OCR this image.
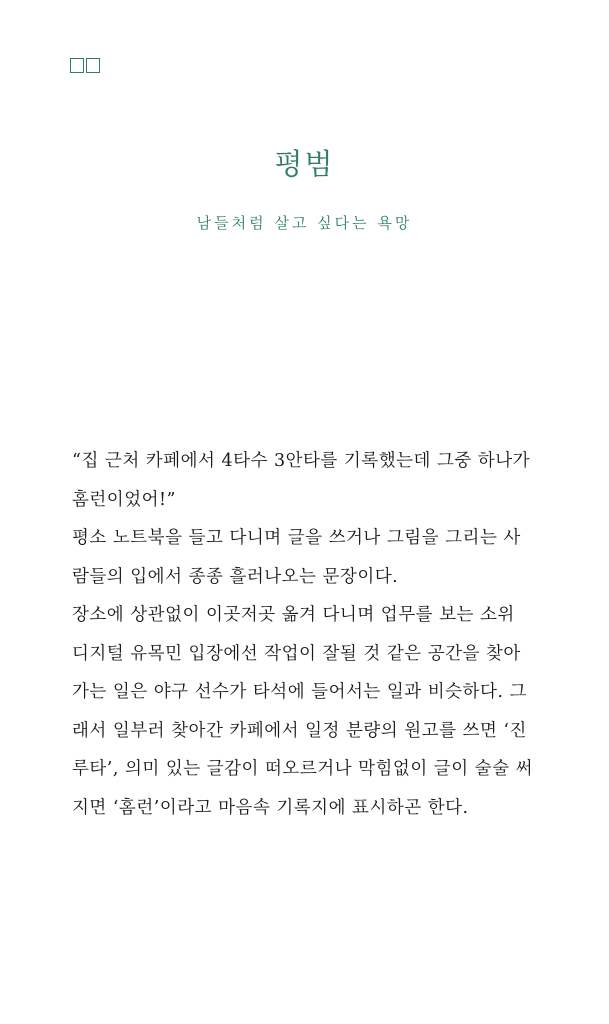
평범

남들처럼 살고 싶다는 욕망

“집 근처 카페에서 4타수 3안타를 기록했는데 그중 하나가 홈런이었어!”

평소 노트북을 들고 다니며 글을 쓰거나 그림을 그리는 사람들의 입에서 종종 흘러나오는 문장이다.

장소에 상관없이 이곳저곳 옮겨 다니며 업무를 보는 소위 디지털 유목민 입장에선 작업이 잘될 것 같은 공간을 찾아가는 일은 야구 선수가 타석에 들어서는 일과 비슷하다. 그래서 일부러 찾아간 카페에서 일정 분량의 원고를 쓰면 ‘진루타’, 의미 있는 글감이 떠오르거나 막힘없이 글이 술술 써지면 ‘홈런’이라고 마음속 기록지에 표시하곤 한다.
